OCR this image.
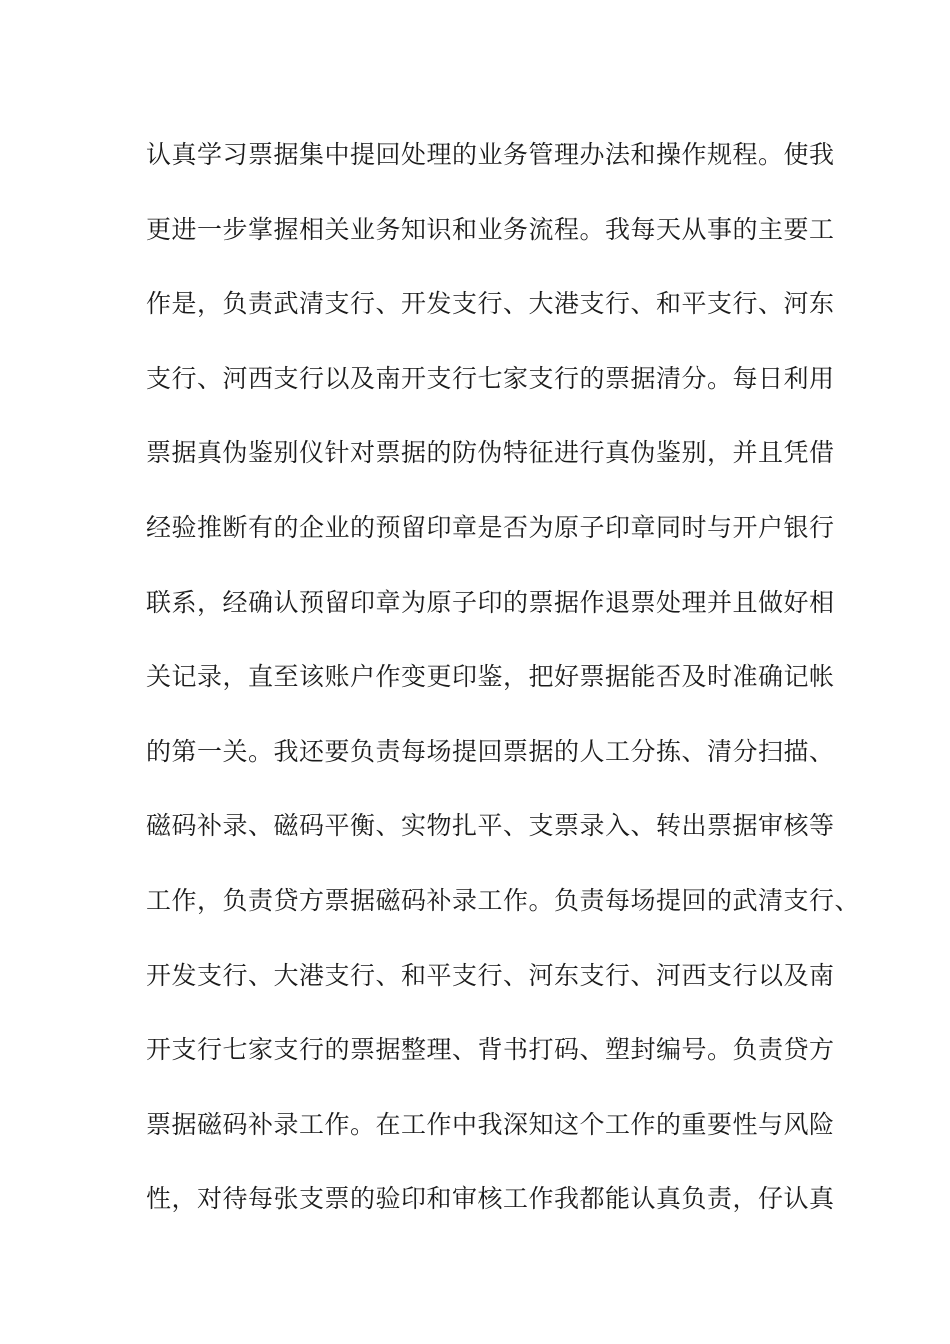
认真学习票据集中提回处理的业务管理办法和操作规程。使我
更进一步掌握相关业务知识和业务流程。我每天从事的主要工
作是，负责武清支行、开发支行、大港支行、和平支行、河东
支行、河西支行以及南开支行七家支行的票据清分。每日利用
票据真伪鉴别仪针对票据的防伪特征进行真伪鉴别，并且凭借
经验推断有的企业的预留印章是否为原子印章同时与开户银行
联系，经确认预留印章为原子印的票据作退票处理并且做好相
关记录，直至该账户作变更印鉴，把好票据能否及时准确记帐
的第一关。我还要负责每场提回票据的人工分拣、清分扫描、
磁码补录、磁码平衡、实物扎平、支票录入、转出票据审核等
工作，负责贷方票据磁码补录工作。负责每场提回的武清支行、
开发支行、大港支行、和平支行、河东支行、河西支行以及南
开支行七家支行的票据整理、背书打码、塑封编号。负责贷方
票据磁码补录工作。在工作中我深知这个工作的重要性与风险
性，对待每张支票的验印和审核工作我都能认真负责，仔认真
